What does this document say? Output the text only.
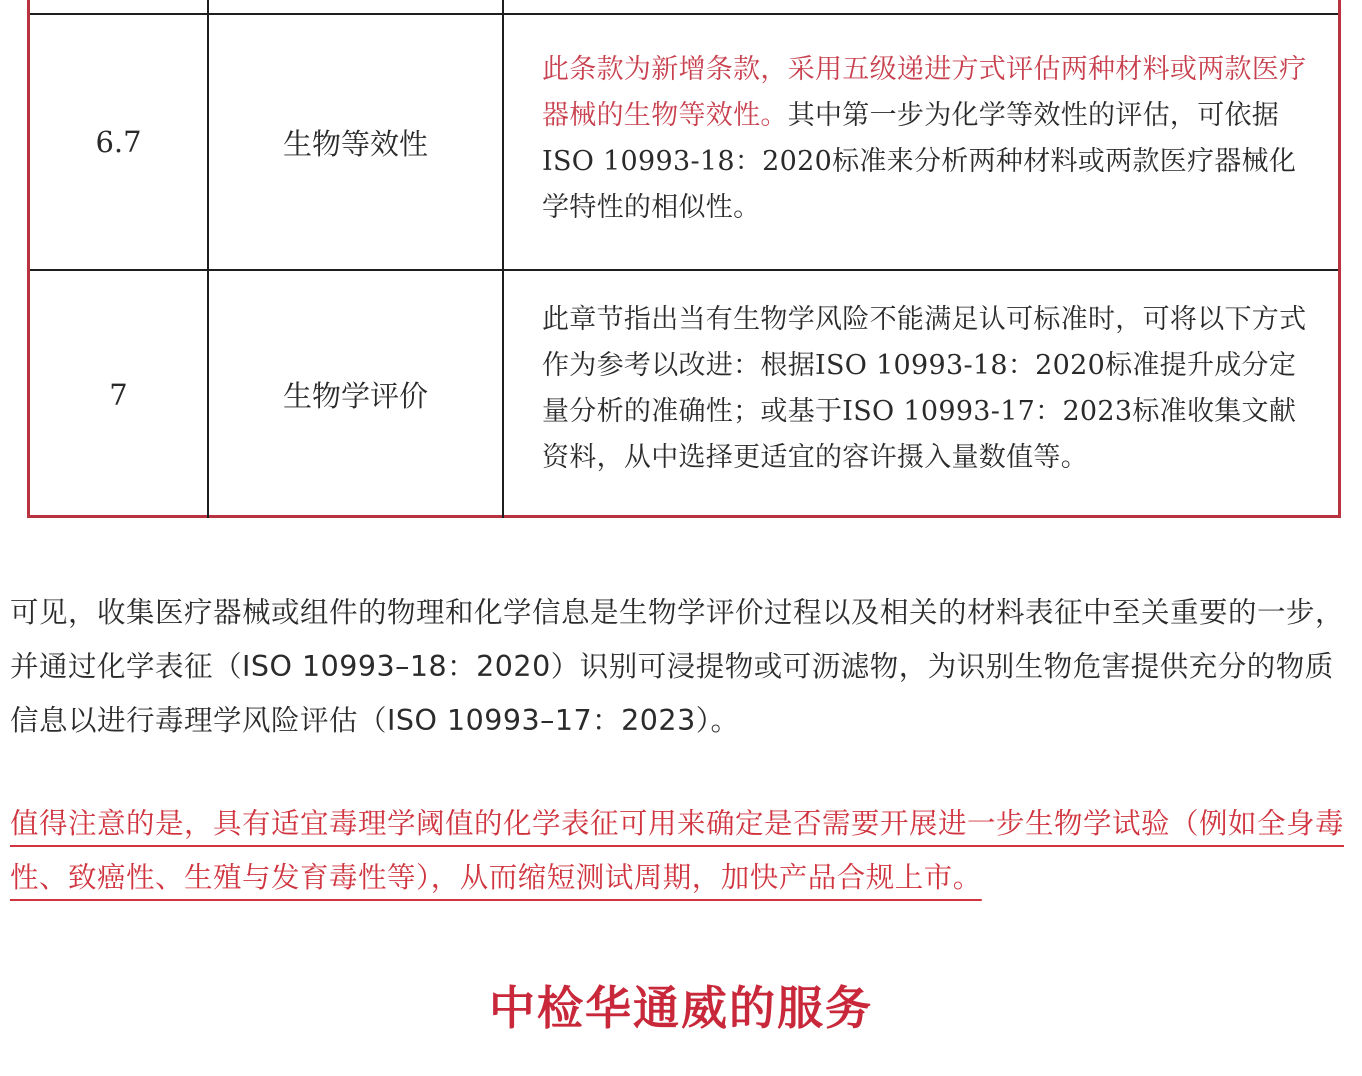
6.7	生物等效性
此条款为新增条款，采用五级递进方式评估两种材料或两款医疗器械的生物等效性。其中第一步为化学等效性的评估，可依据ISO 10993-18：2020标准来分析两种材料或两款医疗器械化学特性的相似性。
7	生物学评价
此章节指出当有生物学风险不能满足认可标准时，可将以下方式作为参考以改进：根据ISO 10993-18：2020标准提升成分定量分析的准确性；或基于ISO 10993-17：2023标准收集文献资料，从中选择更适宜的容许摄入量数值等。

可见，收集医疗器械或组件的物理和化学信息是生物学评价过程以及相关的材料表征中至关重要的一步，并通过化学表征（ISO 10993–18：2020）识别可浸提物或可沥滤物，为识别生物危害提供充分的物质信息以进行毒理学风险评估（ISO 10993–17：2023）。

值得注意的是，具有适宜毒理学阈值的化学表征可用来确定是否需要开展进一步生物学试验（例如全身毒性、致癌性、生殖与发育毒性等），从而缩短测试周期，加快产品合规上市。

中检华通威的服务
